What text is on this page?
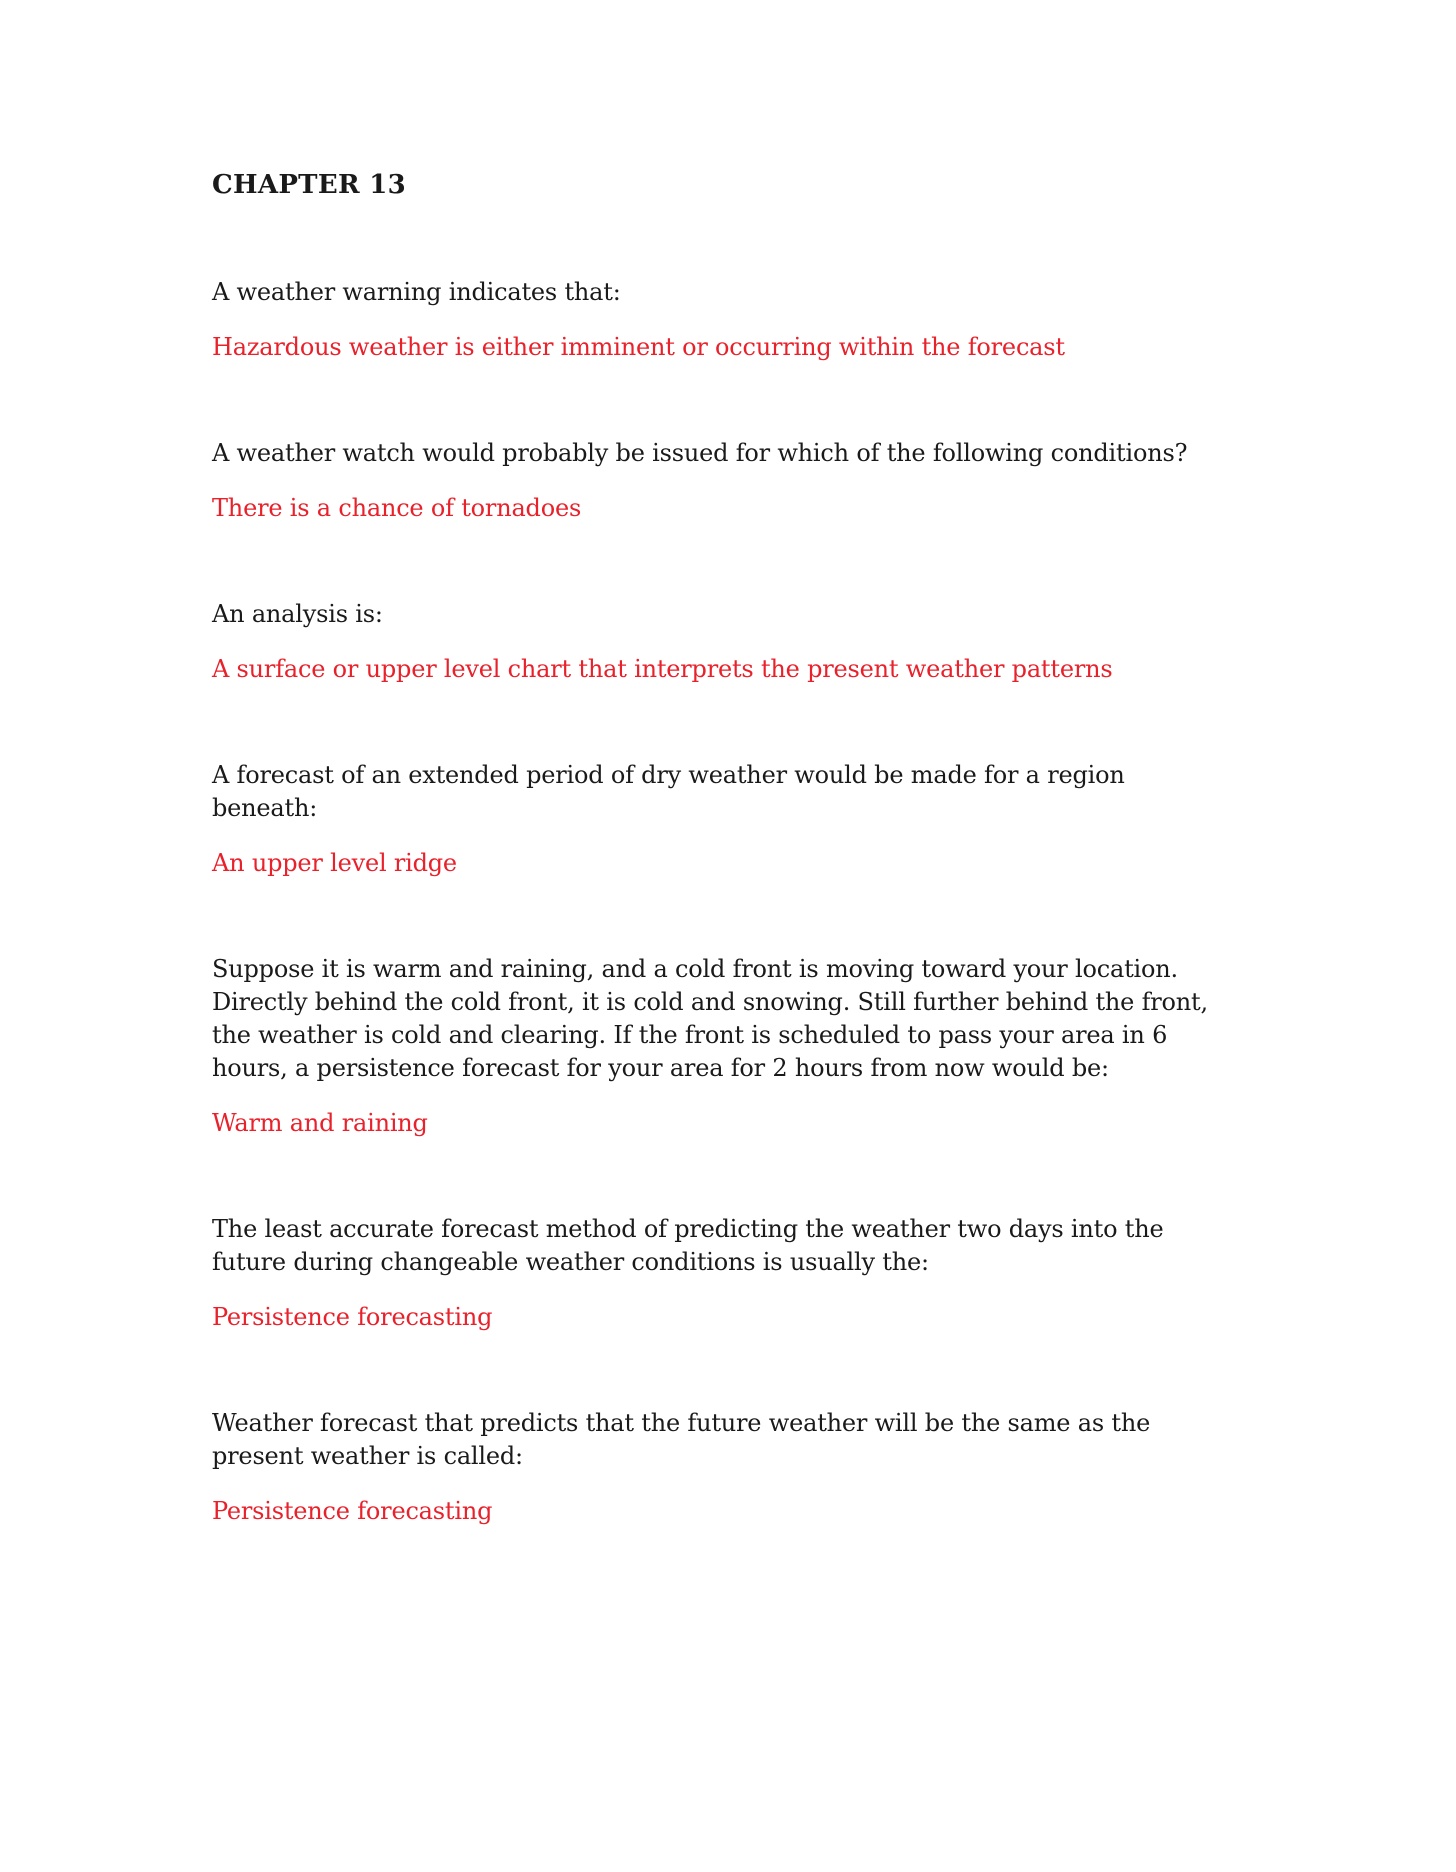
CHAPTER 13

A weather warning indicates that:

Hazardous weather is either imminent or occurring within the forecast

A weather watch would probably be issued for which of the following conditions?

There is a chance of tornadoes

An analysis is:

A surface or upper level chart that interprets the present weather patterns

A forecast of an extended period of dry weather would be made for a region beneath:

An upper level ridge

Suppose it is warm and raining, and a cold front is moving toward your location. Directly behind the cold front, it is cold and snowing. Still further behind the front, the weather is cold and clearing. If the front is scheduled to pass your area in 6 hours, a persistence forecast for your area for 2 hours from now would be:

Warm and raining

The least accurate forecast method of predicting the weather two days into the future during changeable weather conditions is usually the:

Persistence forecasting

Weather forecast that predicts that the future weather will be the same as the present weather is called:

Persistence forecasting
